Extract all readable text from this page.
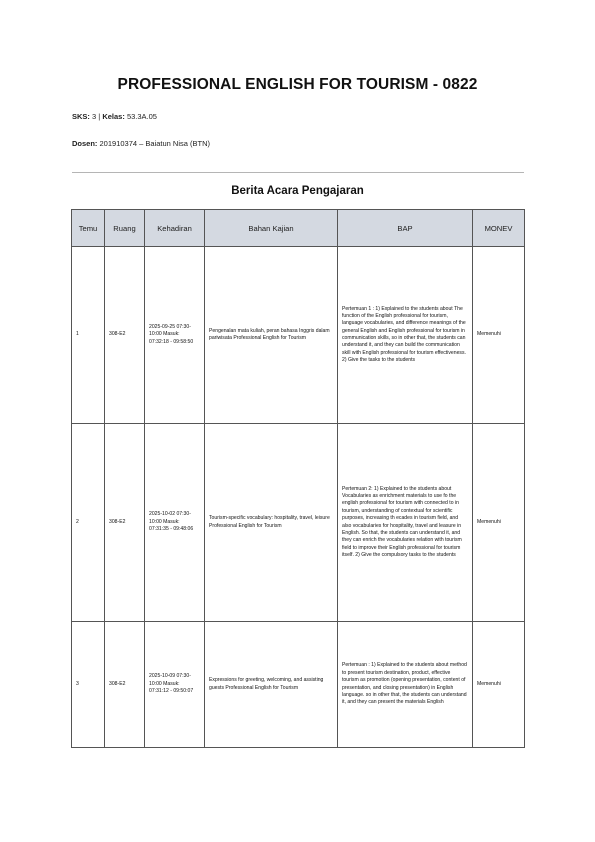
PROFESSIONAL ENGLISH FOR TOURISM - 0822
SKS: 3 | Kelas: 53.3A.05
Dosen: 201910374 – Baiatun Nisa (BTN)
Berita Acara Pengajaran
Temu	Ruang	Kehadiran	Bahan Kajian	BAP	MONEV
1	308-E2	2025-09-25 07:30-10:00 Masuk: 07:32:18 - 09:58:50	Pengenalan mata kuliah, peran bahasa Inggris dalam pariwisata Professional English for Tourism	Pertemuan 1 : 1) Explained to the students about The function of the English professional for tourism, language vocabularies, and difference meanings of the general English and English professional for tourism in communication skills, so in other that, the students can understand it, and they can build the communication skill with English professional for tourism effectiveness. 2) Give the tasks to the students	Memenuhi
2	308-E2	2025-10-02 07:30-10:00 Masuk: 07:31:35 - 09:48:06	Tourism-specific vocabulary: hospitality, travel, leisure Professional English for Tourism	Pertemuan 2: 1) Explained to the students about Vocabularies as enrichment materials to use fo the english professional for tourism with connected to in tourism, understanding of contextual for scientific purposes, increasing th ecades in tourism field, and also vocabularies for hospitality, travel and leasure in English. So that, the students can understand it, and they can enrich the vocabularies relation with tourism field to improve their English professional for tourism itself. 2) Give the compulsory tasks to the students	Memenuhi
3	308-E2	2025-10-09 07:30-10:00 Masuk: 07:31:12 - 09:50:07	Expressions for greeting, welcoming, and assisting guests Professional English for Tourism	Pertemuan : 1) Explained to the students about method to present tourism destination, product, effective tourism as promotion (opening presentation, content of presentation, and closing presentation) in English language. so in other that, the students can understand it, and they can present the materials English	Memenuhi
